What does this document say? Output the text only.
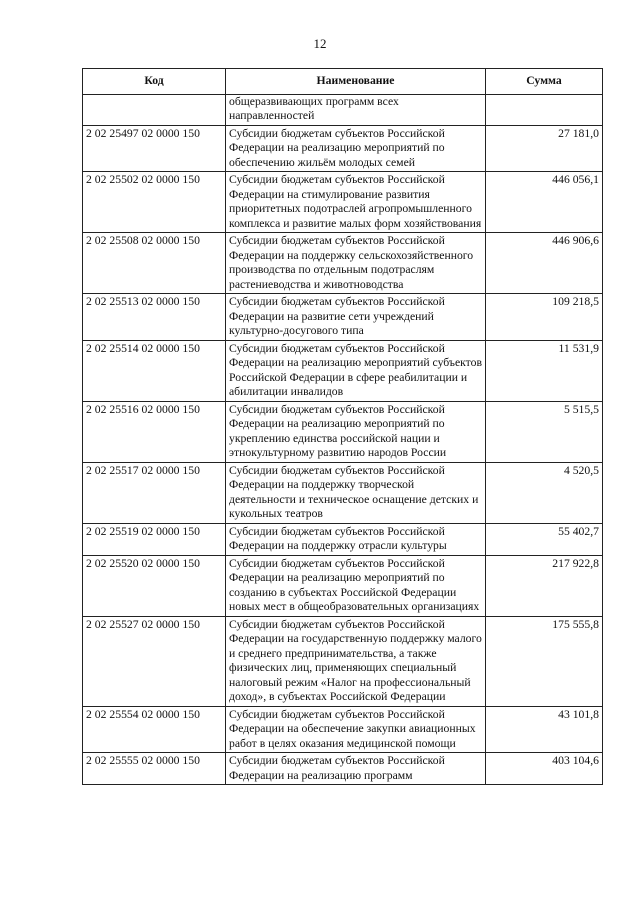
12
Код	Наименование	Сумма
	общеразвивающих программ всех направленностей	
2 02 25497 02 0000 150	Субсидии бюджетам субъектов Российской Федерации на реализацию мероприятий по обеспечению жильём молодых семей	27 181,0
2 02 25502 02 0000 150	Субсидии бюджетам субъектов Российской Федерации на стимулирование развития приоритетных подотраслей агропромышленного комплекса и развитие малых форм хозяйствования	446 056,1
2 02 25508 02 0000 150	Субсидии бюджетам субъектов Российской Федерации на поддержку сельскохозяйственного производства по отдельным подотраслям растениеводства и животноводства	446 906,6
2 02 25513 02 0000 150	Субсидии бюджетам субъектов Российской Федерации на развитие сети учреждений культурно-досугового типа	109 218,5
2 02 25514 02 0000 150	Субсидии бюджетам субъектов Российской Федерации на реализацию мероприятий субъектов Российской Федерации в сфере реабилитации и абилитации инвалидов	11 531,9
2 02 25516 02 0000 150	Субсидии бюджетам субъектов Российской Федерации на реализацию мероприятий по укреплению единства российской нации и этнокультурному развитию народов России	5 515,5
2 02 25517 02 0000 150	Субсидии бюджетам субъектов Российской Федерации на поддержку творческой деятельности и техническое оснащение детских и кукольных театров	4 520,5
2 02 25519 02 0000 150	Субсидии бюджетам субъектов Российской Федерации на поддержку отрасли культуры	55 402,7
2 02 25520 02 0000 150	Субсидии бюджетам субъектов Российской Федерации на реализацию мероприятий по созданию в субъектах Российской Федерации новых мест в общеобразовательных организациях	217 922,8
2 02 25527 02 0000 150	Субсидии бюджетам субъектов Российской Федерации на государственную поддержку малого и среднего предпринимательства, а также физических лиц, применяющих специальный налоговый режим «Налог на профессиональный доход», в субъектах Российской Федерации	175 555,8
2 02 25554 02 0000 150	Субсидии бюджетам субъектов Российской Федерации на обеспечение закупки авиационных работ в целях оказания медицинской помощи	43 101,8
2 02 25555 02 0000 150	Субсидии бюджетам субъектов Российской Федерации на реализацию программ	403 104,6
